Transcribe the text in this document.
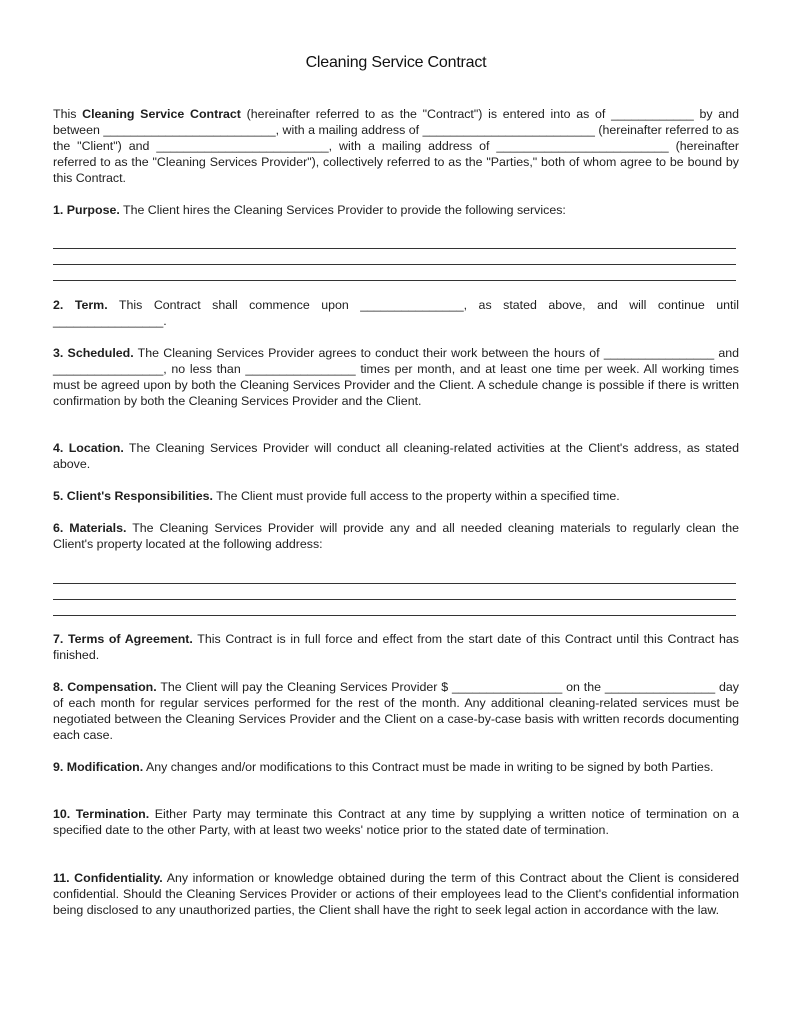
Cleaning Service Contract

This Cleaning Service Contract (hereinafter referred to as the "Contract") is entered into as of ____________ by and between _________________________, with a mailing address of _________________________ (hereinafter referred to as the "Client") and _________________________, with a mailing address of _________________________ (hereinafter referred to as the "Cleaning Services Provider"), collectively referred to as the "Parties," both of whom agree to be bound by this Contract.

1. Purpose. The Client hires the Cleaning Services Provider to provide the following services:

2. Term. This Contract shall commence upon _______________, as stated above, and will continue until ________________.

3. Scheduled. The Cleaning Services Provider agrees to conduct their work between the hours of ________________ and ________________, no less than ________________ times per month, and at least one time per week. All working times must be agreed upon by both the Cleaning Services Provider and the Client. A schedule change is possible if there is written confirmation by both the Cleaning Services Provider and the Client.

4. Location. The Cleaning Services Provider will conduct all cleaning-related activities at the Client's address, as stated above.

5. Client's Responsibilities. The Client must provide full access to the property within a specified time.

6. Materials. The Cleaning Services Provider will provide any and all needed cleaning materials to regularly clean the Client's property located at the following address:

7. Terms of Agreement. This Contract is in full force and effect from the start date of this Contract until this Contract has finished.

8. Compensation. The Client will pay the Cleaning Services Provider $ ________________ on the ________________ day of each month for regular services performed for the rest of the month. Any additional cleaning-related services must be negotiated between the Cleaning Services Provider and the Client on a case-by-case basis with written records documenting each case.

9. Modification. Any changes and/or modifications to this Contract must be made in writing to be signed by both Parties.

10. Termination. Either Party may terminate this Contract at any time by supplying a written notice of termination on a specified date to the other Party, with at least two weeks' notice prior to the stated date of termination.

11. Confidentiality. Any information or knowledge obtained during the term of this Contract about the Client is considered confidential. Should the Cleaning Services Provider or actions of their employees lead to the Client's confidential information being disclosed to any unauthorized parties, the Client shall have the right to seek legal action in accordance with the law.
